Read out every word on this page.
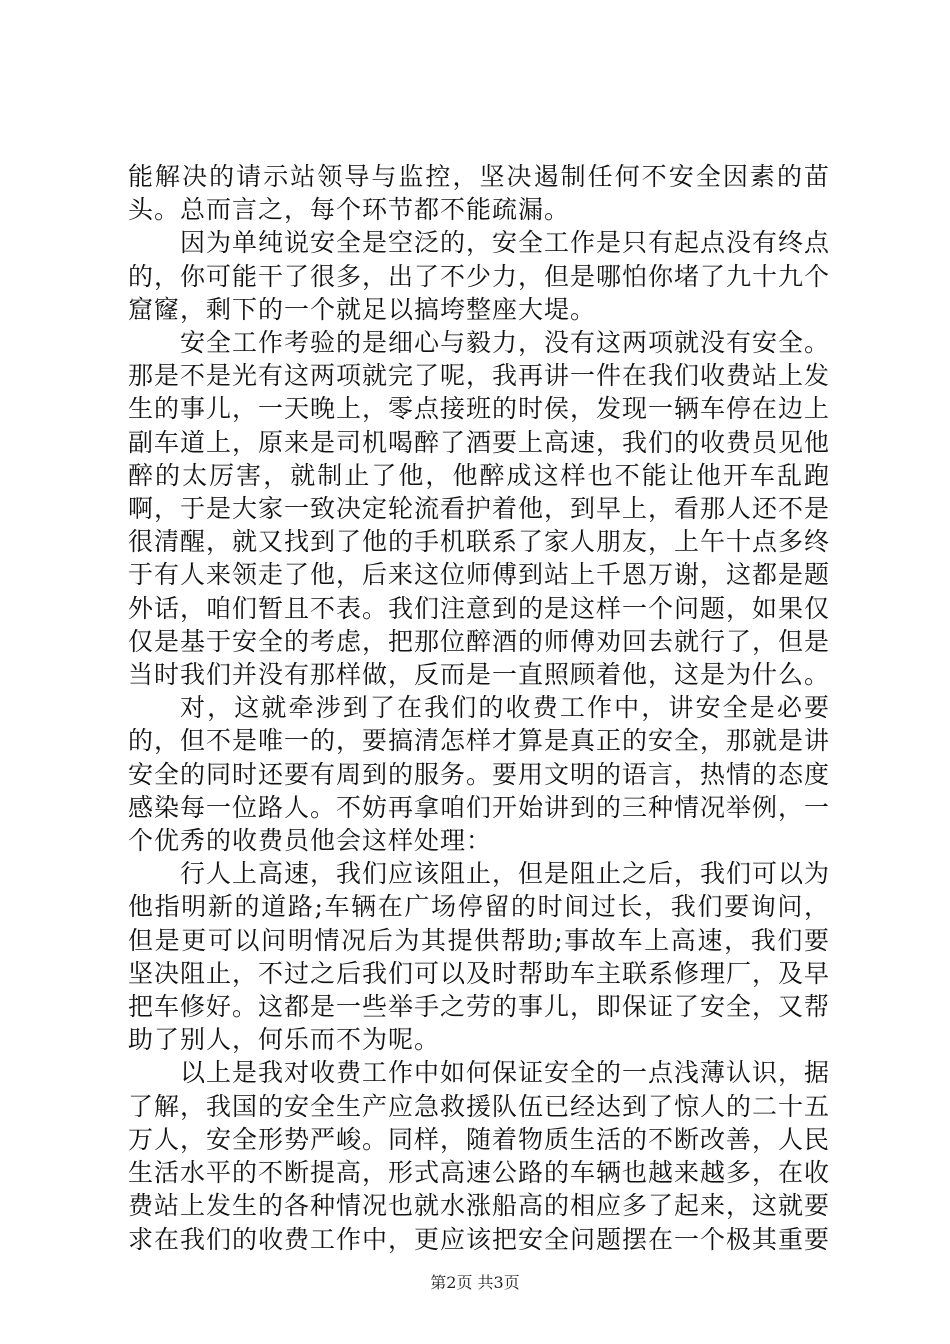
能解决的请示站领导与监控，坚决遏制任何不安全因素的苗头。总而言之，每个环节都不能疏漏。

因为单纯说安全是空泛的，安全工作是只有起点没有终点的，你可能干了很多，出了不少力，但是哪怕你堵了九十九个窟窿，剩下的一个就足以搞垮整座大堤。

安全工作考验的是细心与毅力，没有这两项就没有安全。那是不是光有这两项就完了呢，我再讲一件在我们收费站上发生的事儿，一天晚上，零点接班的时侯，发现一辆车停在边上副车道上，原来是司机喝醉了酒要上高速，我们的收费员见他醉的太厉害，就制止了他，他醉成这样也不能让他开车乱跑啊，于是大家一致决定轮流看护着他，到早上，看那人还不是很清醒，就又找到了他的手机联系了家人朋友，上午十点多终于有人来领走了他，后来这位师傅到站上千恩万谢，这都是题外话，咱们暂且不表。我们注意到的是这样一个问题，如果仅仅是基于安全的考虑，把那位醉酒的师傅劝回去就行了，但是当时我们并没有那样做，反而是一直照顾着他，这是为什么。

对，这就牵涉到了在我们的收费工作中，讲安全是必要的，但不是唯一的，要搞清怎样才算是真正的安全，那就是讲安全的同时还要有周到的服务。要用文明的语言，热情的态度感染每一位路人。不妨再拿咱们开始讲到的三种情况举例，一个优秀的收费员他会这样处理：

行人上高速，我们应该阻止，但是阻止之后，我们可以为他指明新的道路;车辆在广场停留的时间过长，我们要询问，但是更可以问明情况后为其提供帮助;事故车上高速，我们要坚决阻止，不过之后我们可以及时帮助车主联系修理厂，及早把车修好。这都是一些举手之劳的事儿，即保证了安全，又帮助了别人，何乐而不为呢。

以上是我对收费工作中如何保证安全的一点浅薄认识，据了解，我国的安全生产应急救援队伍已经达到了惊人的二十五万人，安全形势严峻。同样，随着物质生活的不断改善，人民生活水平的不断提高，形式高速公路的车辆也越来越多，在收费站上发生的各种情况也就水涨船高的相应多了起来，这就要求在我们的收费工作中，更应该把安全问题摆在一个极其重要

第2页 共3页
